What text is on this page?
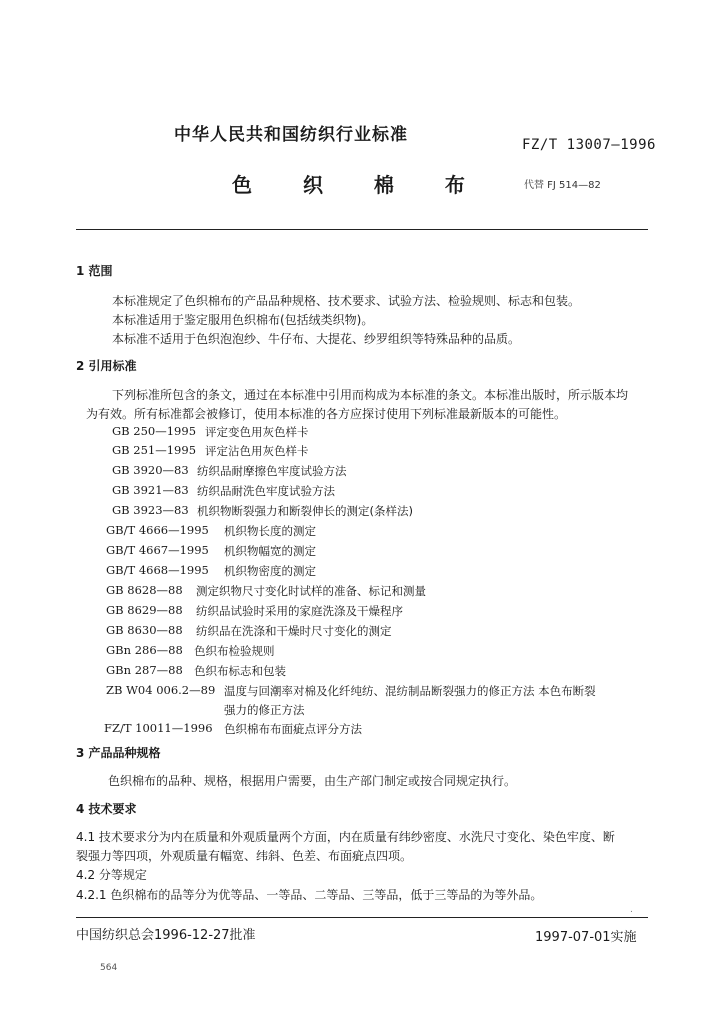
中华人民共和国纺织行业标准	FZ/T 13007—1996
色 织 棉 布	代替 FJ 514—82
1 范围
本标准规定了色织棉布的产品品种规格、技术要求、试验方法、检验规则、标志和包装。
本标准适用于鉴定服用色织棉布(包括绒类织物)。
本标准不适用于色织泡泡纱、牛仔布、大提花、纱罗组织等特殊品种的品质。
2 引用标准
下列标准所包含的条文，通过在本标准中引用而构成为本标准的条文。本标准出版时，所示版本均
为有效。所有标准都会被修订，使用本标准的各方应探讨使用下列标准最新版本的可能性。
GB 250—1995 评定变色用灰色样卡
GB 251—1995 评定沾色用灰色样卡
GB 3920—83 纺织品耐摩擦色牢度试验方法
GB 3921—83 纺织品耐洗色牢度试验方法
GB 3923—83 机织物断裂强力和断裂伸长的测定(条样法)
GB/T 4666—1995 机织物长度的测定
GB/T 4667—1995 机织物幅宽的测定
GB/T 4668—1995 机织物密度的测定
GB 8628—88 测定织物尺寸变化时试样的准备、标记和测量
GB 8629—88 纺织品试验时采用的家庭洗涤及干燥程序
GB 8630—88 纺织品在洗涤和干燥时尺寸变化的测定
GBn 286—88 色织布检验规则
GBn 287—88 色织布标志和包装
ZB W04 006.2—89 温度与回潮率对棉及化纤纯纺、混纺制品断裂强力的修正方法 本色布断裂
强力的修正方法
FZ/T 10011—1996 色织棉布布面疵点评分方法
3 产品品种规格
色织棉布的品种、规格，根据用户需要，由生产部门制定或按合同规定执行。
4 技术要求
4.1 技术要求分为内在质量和外观质量两个方面，内在质量有纬纱密度、水洗尺寸变化、染色牢度、断
裂强力等四项，外观质量有幅宽、纬斜、色差、布面疵点四项。
4.2 分等规定
4.2.1 色织棉布的品等分为优等品、一等品、二等品、三等品，低于三等品的为等外品。
.
中国纺织总会1996-12-27批准	1997-07-01实施
564
